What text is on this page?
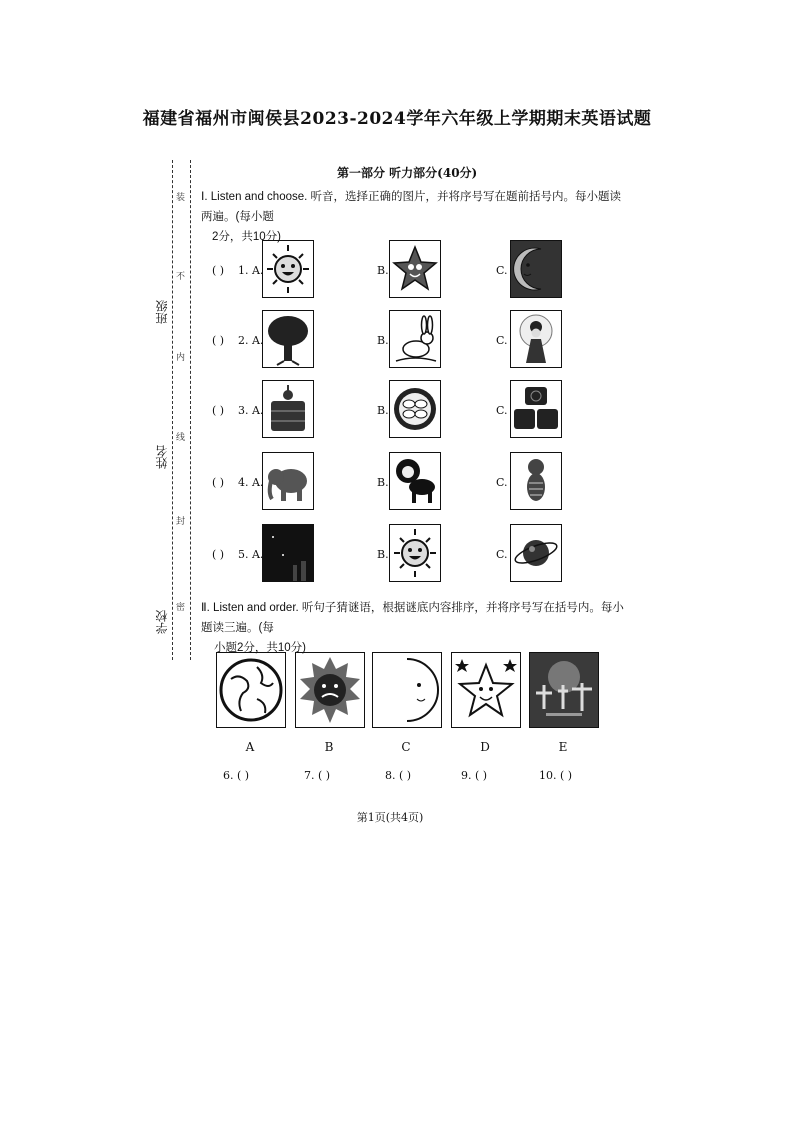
福建省福州市闽侯县2023-2024学年六年级上学期期末英语试题
装
不
内
线
封
密
班级
姓名
学校
第一部分 听力部分(40分)
Ⅰ. Listen and choose. 听音，选择正确的图片，并将序号写在题前括号内。每小题读两遍。(每小题
2分，共10分)
( ) 1. A.	B.	C.
( ) 2. A.	B.	C.
( ) 3. A.	B.	C.
( ) 4. A.	B.	C.
( ) 5. A.	B.	C.
Ⅱ. Listen and order. 听句子猜谜语，根据谜底内容排序，并将序号写在括号内。每小题读三遍。(每
小题2分，共10分)
A	B	C	D	E
6. ( )	7. ( )	8. ( )	9. ( )	10. ( )
第1页(共4页)
